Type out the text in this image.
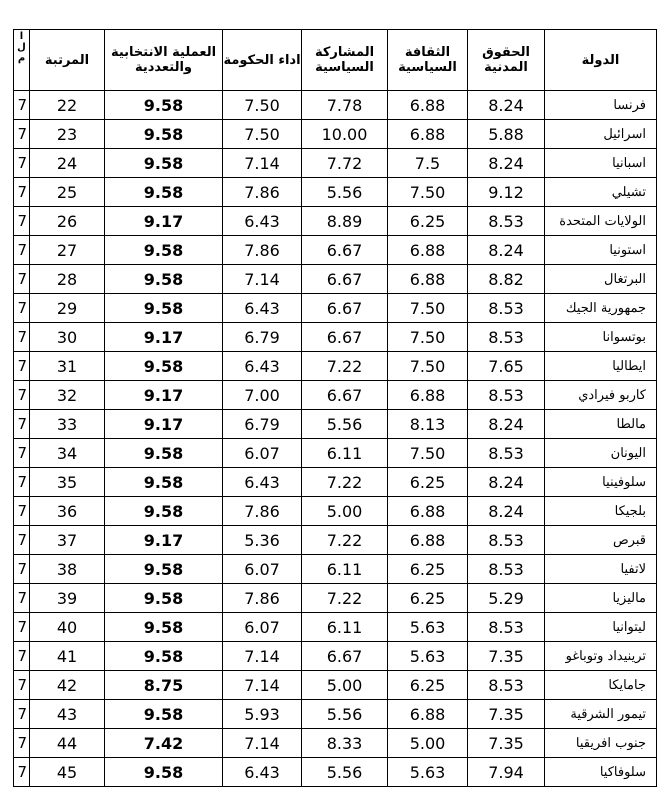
الدولة	الحقوق المدنية	الثقافة السياسية	المشاركة السياسية	اداء الحكومة	العملية الانتخابية والتعددية	المرتبة	ا ل م
فرنسا	8.24	6.88	7.78	7.50	9.58	22	7
اسرائيل	5.88	6.88	10.00	7.50	9.58	23	7
اسبانيا	8.24	7.5	7.72	7.14	9.58	24	7
تشيلي	9.12	7.50	5.56	7.86	9.58	25	7
الولايات المتحدة	8.53	6.25	8.89	6.43	9.17	26	7
استونيا	8.24	6.88	6.67	7.86	9.58	27	7
البرتغال	8.82	6.88	6.67	7.14	9.58	28	7
جمهورية الجيك	8.53	7.50	6.67	6.43	9.58	29	7
بوتسوانا	8.53	7.50	6.67	6.79	9.17	30	7
ايطاليا	7.65	7.50	7.22	6.43	9.58	31	7
كاربو فيرادي	8.53	6.88	6.67	7.00	9.17	32	7
مالطا	8.24	8.13	5.56	6.79	9.17	33	7
اليونان	8.53	7.50	6.11	6.07	9.58	34	7
سلوفينيا	8.24	6.25	7.22	6.43	9.58	35	7
بلجيكا	8.24	6.88	5.00	7.86	9.58	36	7
قبرص	8.53	6.88	7.22	5.36	9.17	37	7
لاتفيا	8.53	6.25	6.11	6.07	9.58	38	7
ماليزيا	5.29	6.25	7.22	7.86	9.58	39	7
ليتوانيا	8.53	5.63	6.11	6.07	9.58	40	7
ترينيداد وتوباغو	7.35	5.63	6.67	7.14	9.58	41	7
جامايكا	8.53	6.25	5.00	7.14	8.75	42	7
تيمور الشرقية	7.35	6.88	5.56	5.93	9.58	43	7
جنوب افريقيا	7.35	5.00	8.33	7.14	7.42	44	7
سلوفاكيا	7.94	5.63	5.56	6.43	9.58	45	7
